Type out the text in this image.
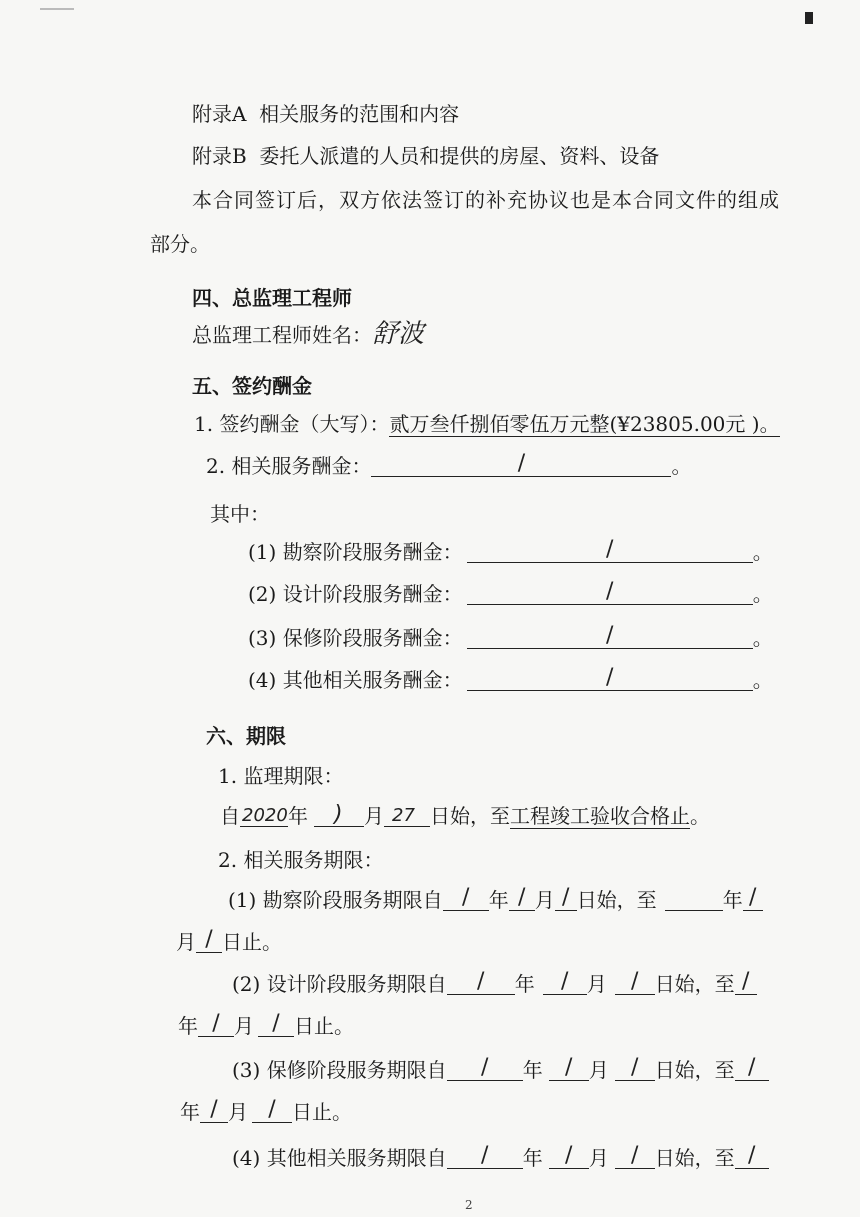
附录A 相关服务的范围和内容
附录B 委托人派遣的人员和提供的房屋、资料、设备
本合同签订后，双方依法签订的补充协议也是本合同文件的组成
部分。
四、总监理工程师
总监理工程师姓名：舒波
五、签约酬金
1. 签约酬金（大写）：贰万叁仟捌佰零伍万元整(¥23805.00元 )。
2. 相关服务酬金：	/	。
其中：
(1) 勘察阶段服务酬金：	/	。
(2) 设计阶段服务酬金：	/	。
(3) 保修阶段服务酬金：	/	。
(4) 其他相关服务酬金：	/	。
六、期限
1. 监理期限：
自 2020 年 ) 月 27 日始，至工程竣工验收合格止。
2. 相关服务期限：
(1) 勘察阶段服务期限自 / 年 / 月 / 日始，至	年 /
月 / 日止。
(2) 设计阶段服务期限自 / 年 / 月 / 日始，至 /
年 / 月 / 日止。
(3) 保修阶段服务期限自 / 年 / 月 / 日始，至 /
年 / 月 / 日止。
(4) 其他相关服务期限自 / 年 / 月 / 日始，至 /
2
